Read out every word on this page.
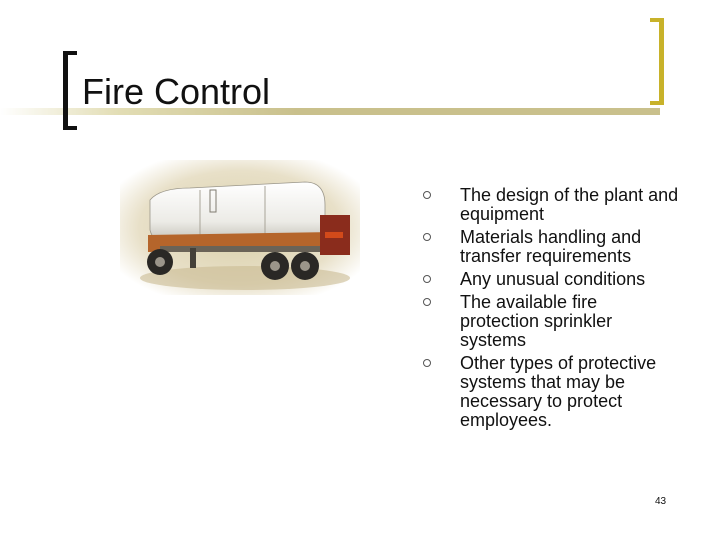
Fire Control
The design of the plant and equipment
Materials handling and transfer requirements
Any unusual conditions
The available fire protection sprinkler systems
Other types of protective systems that may be necessary to protect employees.
43
